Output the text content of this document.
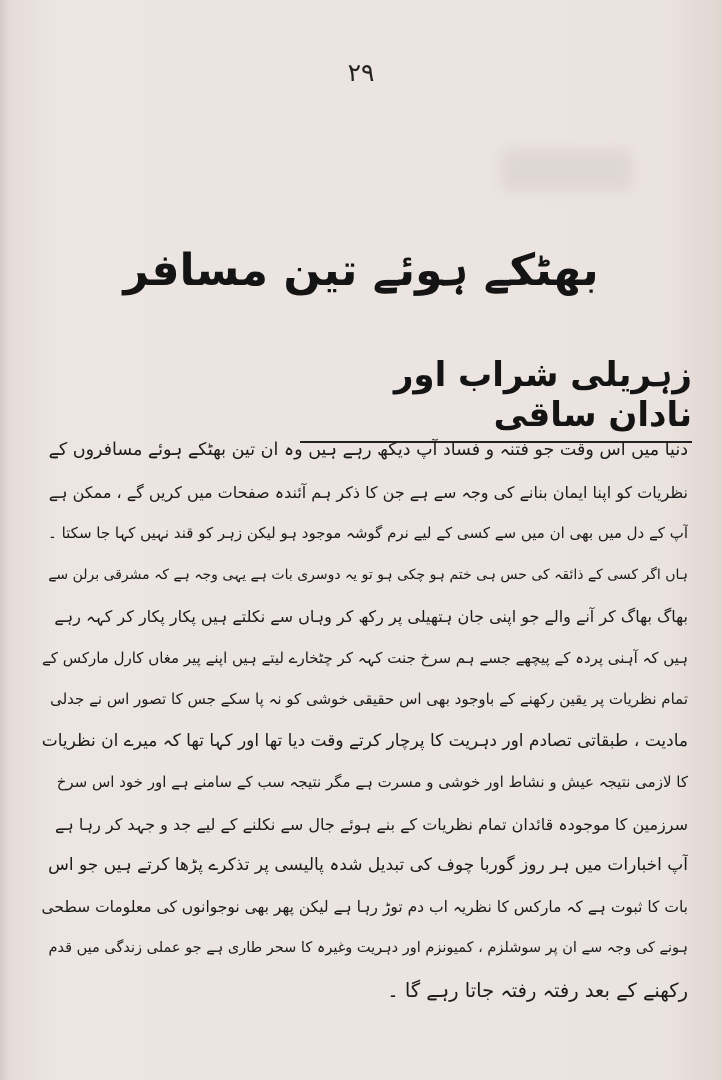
٢٩
بھٹکے ہوئے تین مسافر
زہریلی شراب اور نادان ساقی
دنیا میں اس وقت جو فتنہ و فساد آپ دیکھ رہے ہیں وہ ان تین بھٹکے ہوئے مسافروں کے
نظریات کو اپنا ایمان بنانے کی وجہ سے ہے جن کا ذکر ہم آئندہ صفحات میں کریں گے ، ممکن ہے
آپ کے دل میں بھی ان میں سے کسی کے لیے نرم گوشہ موجود ہو لیکن زہر کو قند نہیں کہا جا سکتا ۔
ہاں اگر کسی کے ذائقہ کی حس ہی ختم ہو چکی ہو تو یہ دوسری بات ہے یہی وجہ ہے کہ مشرقی برلن سے
بھاگ بھاگ کر آنے والے جو اپنی جان ہتھیلی پر رکھ کر وہاں سے نکلتے ہیں پکار پکار کر کہہ رہے
ہیں کہ آہنی پردہ کے پیچھے جسے ہم سرخ جنت کہہ کر چٹخارے لیتے ہیں اپنے پیر مغاں کارل مارکس کے
تمام نظریات پر یقین رکھنے کے باوجود بھی اس حقیقی خوشی کو نہ پا سکے جس کا تصور اس نے جدلی
مادیت ، طبقاتی تصادم اور دہریت کا پرچار کرتے وقت دیا تھا اور کہا تھا کہ میرے ان نظریات
کا لازمی نتیجہ عیش و نشاط اور خوشی و مسرت ہے مگر نتیجہ سب کے سامنے ہے اور خود اس سرخ
سرزمین کا موجودہ قائدان تمام نظریات کے بنے ہوئے جال سے نکلنے کے لیے جد و جہد کر رہا ہے
آپ اخبارات میں ہر روز گوربا چوف کی تبدیل شدہ پالیسی پر تذکرے پڑھا کرتے ہیں جو اس
بات کا ثبوت ہے کہ مارکس کا نظریہ اب دم توڑ رہا ہے لیکن پھر بھی نوجوانوں کی معلومات سطحی
ہونے کی وجہ سے ان پر سوشلزم ، کمیونزم اور دہریت وغیرہ کا سحر طاری ہے جو عملی زندگی میں قدم
رکھنے کے بعد رفتہ رفتہ جاتا رہے گا ۔
